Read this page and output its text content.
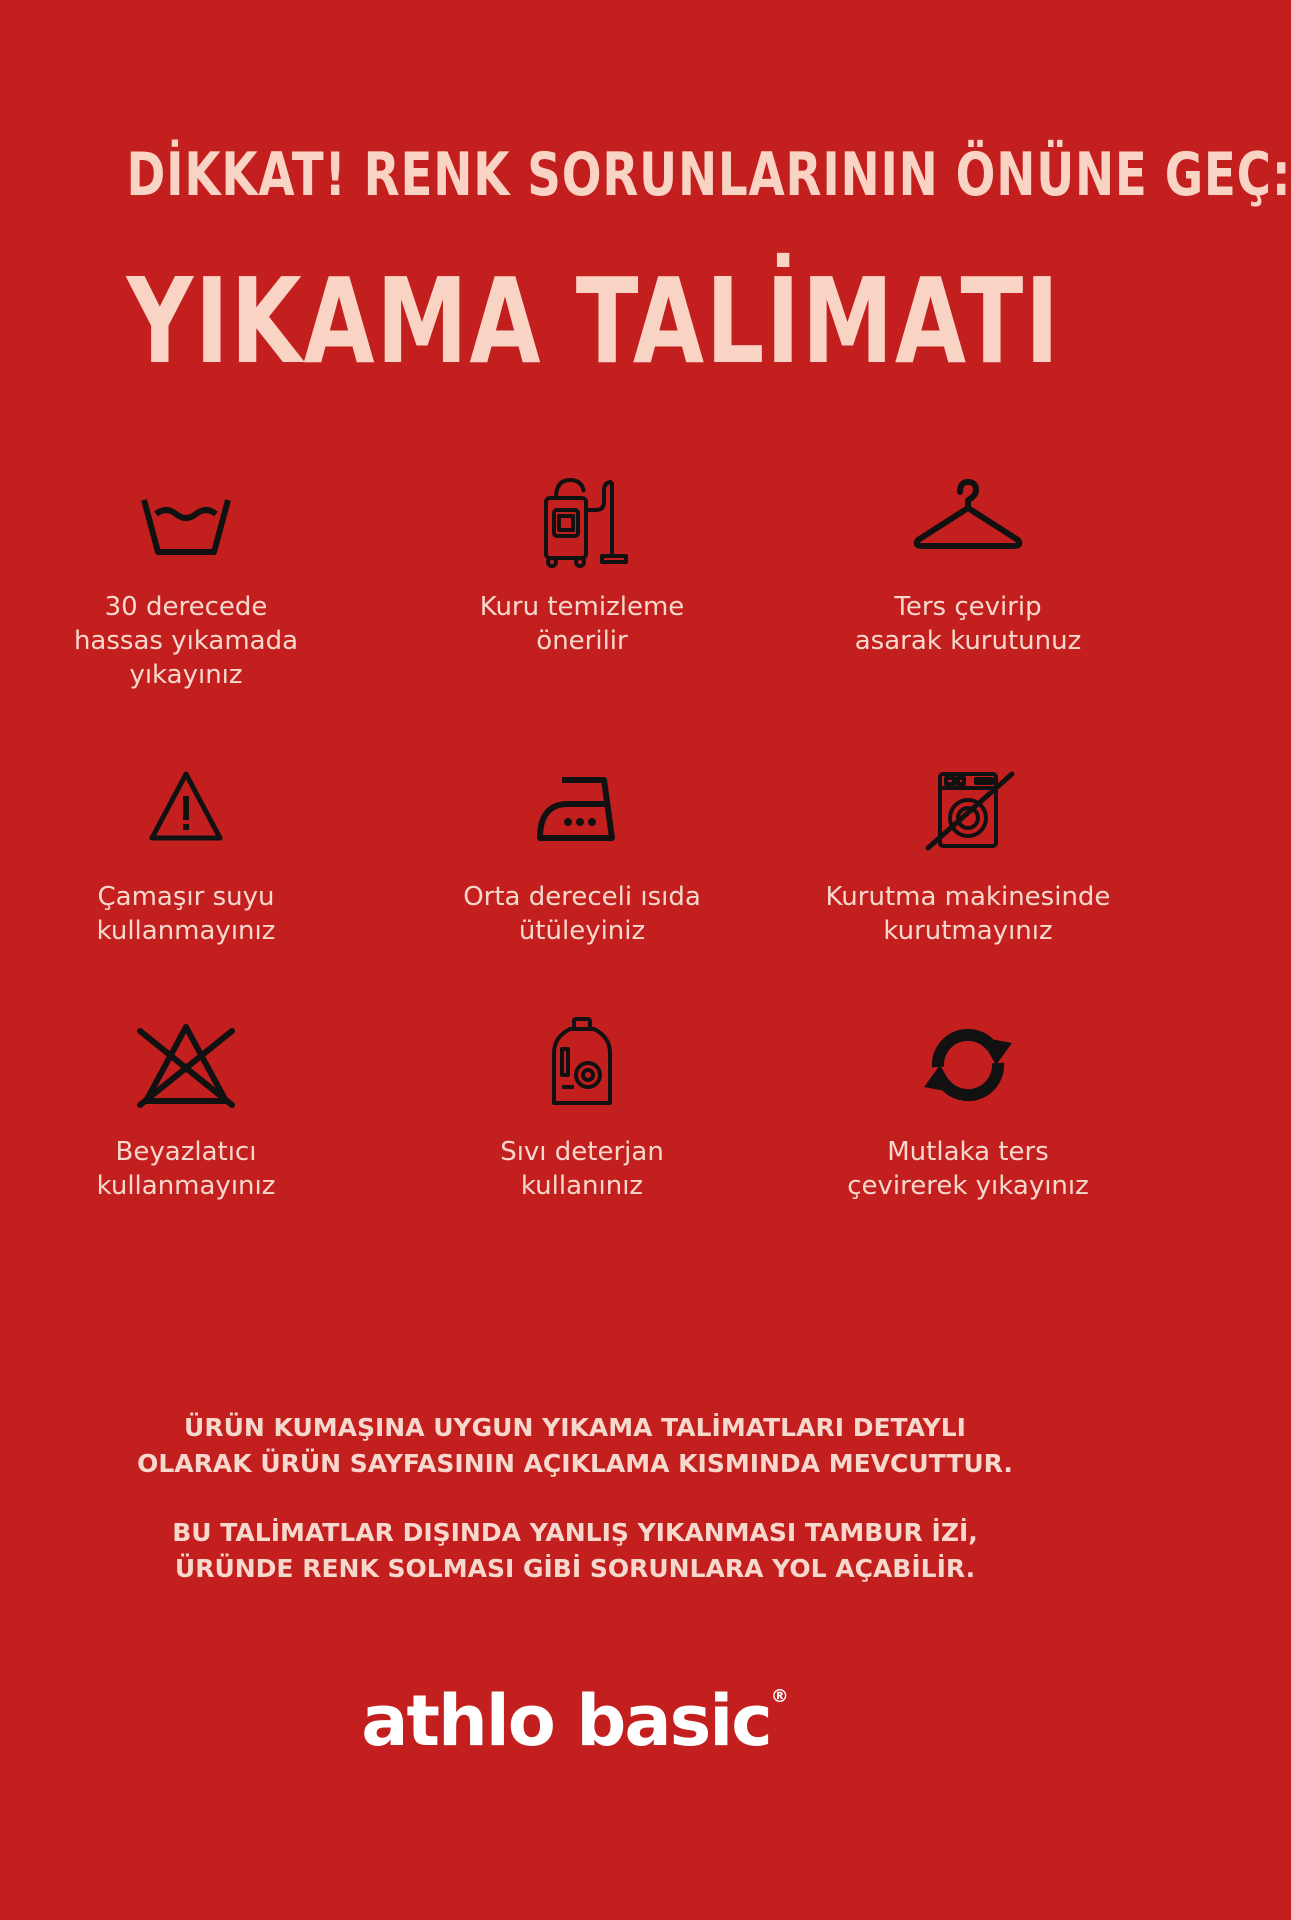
DİKKAT! RENK SORUNLARININ ÖNÜNE GEÇ:
YIKAMA TALİMATI
30 derecede
hassas yıkamada
yıkayınız
Kuru temizleme
önerilir
Ters çevirip
asarak kurutunuz
Çamaşır suyu
kullanmayınız
Orta dereceli ısıda
ütüleyiniz
Kurutma makinesinde
kurutmayınız
Beyazlatıcı
kullanmayınız
Sıvı deterjan
kullanınız
Mutlaka ters
çevirerek yıkayınız
ÜRÜN KUMAŞINA UYGUN YIKAMA TALİMATLARI DETAYLI
OLARAK ÜRÜN SAYFASININ AÇIKLAMA KISMINDA MEVCUTTUR.
BU TALİMATLAR DIŞINDA YANLIŞ YIKANMASI TAMBUR İZİ,
ÜRÜNDE RENK SOLMASI GİBİ SORUNLARA YOL AÇABİLİR.
athlo basic®
